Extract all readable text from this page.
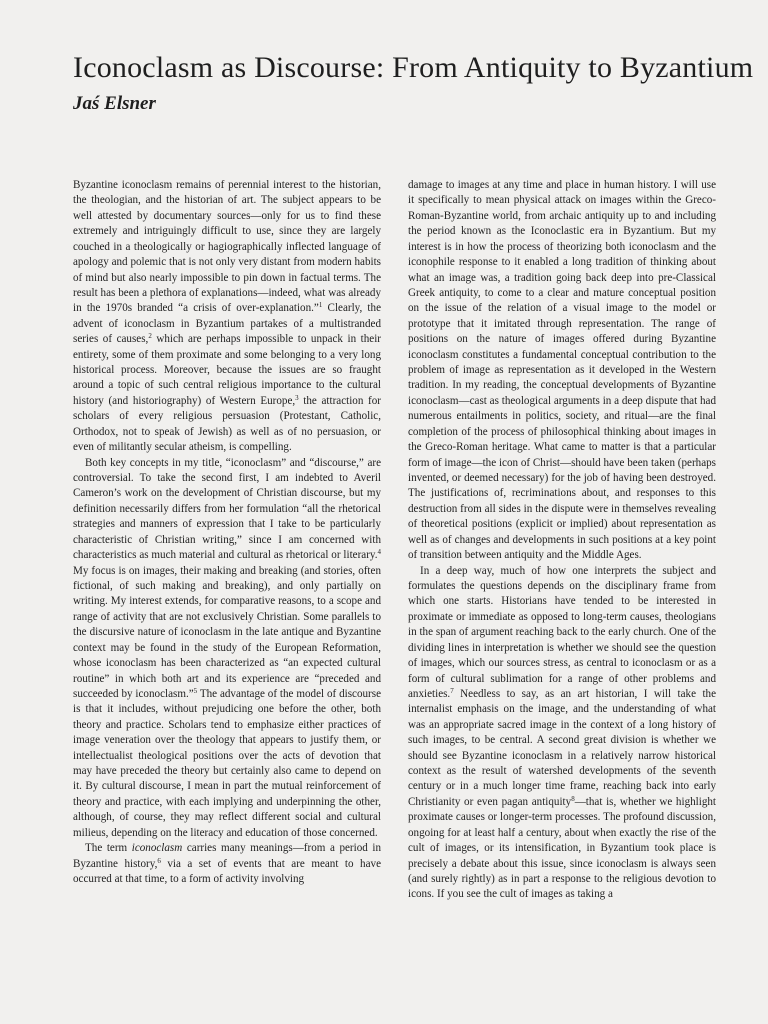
Iconoclasm as Discourse: From Antiquity to Byzantium
Jaś Elsner

Byzantine iconoclasm remains of perennial interest to the historian, the theologian, and the historian of art. The subject appears to be well attested by documentary sources—only for us to find these extremely and intriguingly difficult to use, since they are largely couched in a theologically or hagiographically inflected language of apology and polemic that is not only very distant from modern habits of mind but also nearly impossible to pin down in factual terms. The result has been a plethora of explanations—indeed, what was already in the 1970s branded “a crisis of over-explanation.”$^1$ Clearly, the advent of iconoclasm in Byzantium partakes of a multistranded series of causes,$^2$ which are perhaps impossible to unpack in their entirety, some of them proximate and some belonging to a very long historical process. Moreover, because the issues are so fraught around a topic of such central religious importance to the cultural history (and historiography) of Western Europe,$^3$ the attraction for scholars of every religious persuasion (Protestant, Catholic, Orthodox, not to speak of Jewish) as well as of no persuasion, or even of militantly secular atheism, is compelling.

Both key concepts in my title, “iconoclasm” and “discourse,” are controversial. To take the second first, I am indebted to Averil Cameron’s work on the development of Christian discourse, but my definition necessarily differs from her formulation “all the rhetorical strategies and manners of expression that I take to be particularly characteristic of Christian writing,” since I am concerned with characteristics as much material and cultural as rhetorical or literary.$^4$ My focus is on images, their making and breaking (and stories, often fictional, of such making and breaking), and only partially on writing. My interest extends, for comparative reasons, to a scope and range of activity that are not exclusively Christian. Some parallels to the discursive nature of iconoclasm in the late antique and Byzantine context may be found in the study of the European Reformation, whose iconoclasm has been characterized as “an expected cultural routine” in which both art and its experience are “preceded and succeeded by iconoclasm.”$^5$ The advantage of the model of discourse is that it includes, without prejudicing one before the other, both theory and practice. Scholars tend to emphasize either practices of image veneration over the theology that appears to justify them, or intellectualist theological positions over the acts of devotion that may have preceded the theory but certainly also came to depend on it. By cultural discourse, I mean in part the mutual reinforcement of theory and practice, with each implying and underpinning the other, although, of course, they may reflect different social and cultural milieus, depending on the literacy and education of those concerned.

The term iconoclasm carries many meanings—from a period in Byzantine history,$^6$ via a set of events that are meant to have occurred at that time, to a form of activity involving

damage to images at any time and place in human history. I will use it specifically to mean physical attack on images within the Greco-Roman-Byzantine world, from archaic antiquity up to and including the period known as the Iconoclastic era in Byzantium. But my interest is in how the process of theorizing both iconoclasm and the iconophile response to it enabled a long tradition of thinking about what an image was, a tradition going back deep into pre-Classical Greek antiquity, to come to a clear and mature conceptual position on the issue of the relation of a visual image to the model or prototype that it imitated through representation. The range of positions on the nature of images offered during Byzantine iconoclasm constitutes a fundamental conceptual contribution to the problem of image as representation as it developed in the Western tradition. In my reading, the conceptual developments of Byzantine iconoclasm—cast as theological arguments in a deep dispute that had numerous entailments in politics, society, and ritual—are the final completion of the process of philosophical thinking about images in the Greco-Roman heritage. What came to matter is that a particular form of image—the icon of Christ—should have been taken (perhaps invented, or deemed necessary) for the job of having been destroyed. The justifications of, recriminations about, and responses to this destruction from all sides in the dispute were in themselves revealing of theoretical positions (explicit or implied) about representation as well as of changes and developments in such positions at a key point of transition between antiquity and the Middle Ages.

In a deep way, much of how one interprets the subject and formulates the questions depends on the disciplinary frame from which one starts. Historians have tended to be interested in proximate or immediate as opposed to long-term causes, theologians in the span of argument reaching back to the early church. One of the dividing lines in interpretation is whether we should see the question of images, which our sources stress, as central to iconoclasm or as a form of cultural sublimation for a range of other problems and anxieties.$^7$ Needless to say, as an art historian, I will take the internalist emphasis on the image, and the understanding of what was an appropriate sacred image in the context of a long history of such images, to be central. A second great division is whether we should see Byzantine iconoclasm in a relatively narrow historical context as the result of watershed developments of the seventh century or in a much longer time frame, reaching back into early Christianity or even pagan antiquity$^8$—that is, whether we highlight proximate causes or longer-term processes. The profound discussion, ongoing for at least half a century, about when exactly the rise of the cult of images, or its intensification, in Byzantium took place is precisely a debate about this issue, since iconoclasm is always seen (and surely rightly) as in part a response to the religious devotion to icons. If you see the cult of images as taking a
